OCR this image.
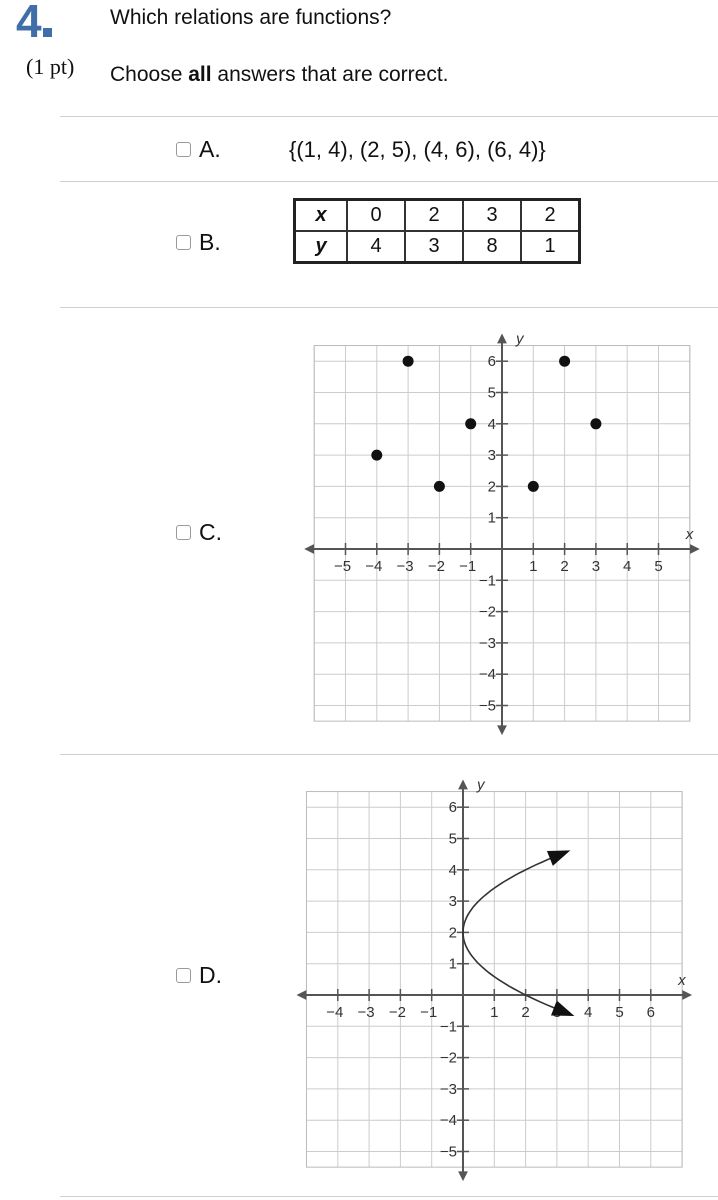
4	Which relations are functions?
(1 pt) Choose all answers that are correct.
A.	{(1, 4), (2, 5), (4, 6), (6, 4)}
B.
x	0	2	3	2
y	4	3	8	1
C.	x
y
−5 −4 −3 −2 −1	1 2 3 4 5
6
5
4
3
2
1
−1
−2
−3
−4
−5
D.	x
y
−4 −3 −2 −1	1 2	4 5 6
6
5
4
3
2
1
−1
−2
−3
−4
−5
